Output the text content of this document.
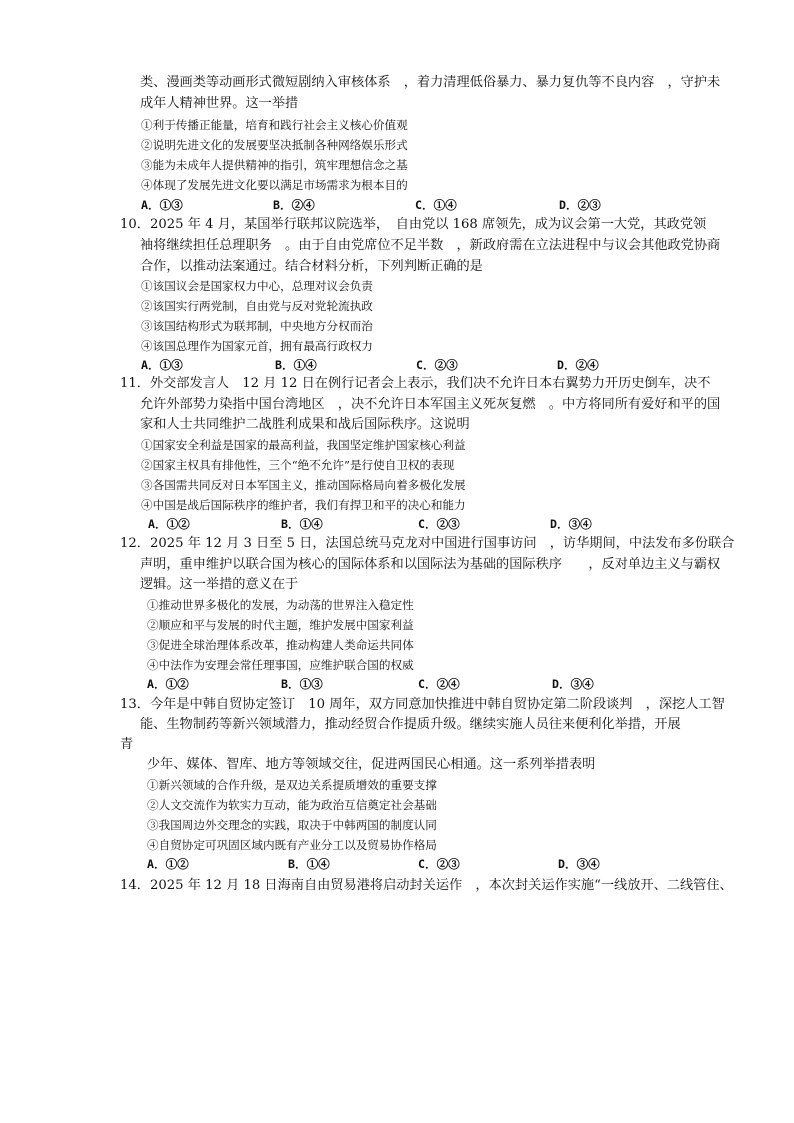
类、漫画类等动画形式微短剧纳入审核体系　，着力清理低俗暴力、暴力复仇等不良内容　，守护未
成年人精神世界。这一举措
①利于传播正能量，培育和践行社会主义核心价值观
②说明先进文化的发展要坚决抵制各种网络娱乐形式
③能为未成年人提供精神的指引，筑牢理想信念之基
④体现了发展先进文化要以满足市场需求为根本目的
A．①③	B．②④	C．①④	D．②③
10．2025 年 4 月，某国举行联邦议院选举，　自由党以 168 席领先，成为议会第一大党，其政党领
袖将继续担任总理职务　。由于自由党席位不足半数　，新政府需在立法进程中与议会其他政党协商
合作，以推动法案通过。结合材料分析，下列判断正确的是
①该国议会是国家权力中心，总理对议会负责
②该国实行两党制，自由党与反对党轮流执政
③该国结构形式为联邦制，中央地方分权而治
④该国总理作为国家元首，拥有最高行政权力
A．①③	B．①④	C．②③	D．②④
11．外交部发言人　12 月 12 日在例行记者会上表示，我们决不允许日本右翼势力开历史倒车，决不
允许外部势力染指中国台湾地区　，决不允许日本军国主义死灰复燃　。中方将同所有爱好和平的国
家和人士共同维护二战胜利成果和战后国际秩序。这说明
①国家安全利益是国家的最高利益，我国坚定维护国家核心利益
②国家主权具有排他性，三个“绝不允许”是行使自卫权的表现
③各国需共同反对日本军国主义，推动国际格局向着多极化发展
④中国是战后国际秩序的维护者，我们有捍卫和平的决心和能力
A．①②	B．①④	C．②③	D．③④
12．2025 年 12 月 3 日至 5 日，法国总统马克龙对中国进行国事访问　，访华期间，中法发布多份联合
声明，重申维护以联合国为核心的国际体系和以国际法为基础的国际秩序　　，反对单边主义与霸权
逻辑。这一举措的意义在于
①推动世界多极化的发展，为动荡的世界注入稳定性
②顺应和平与发展的时代主题，维护发展中国家利益
③促进全球治理体系改革，推动构建人类命运共同体
④中法作为安理会常任理事国，应维护联合国的权威
A．①②	B．①③	C．②④	D．③④
13．今年是中韩自贸协定签订　10 周年，双方同意加快推进中韩自贸协定第二阶段谈判　，深挖人工智
能、生物制药等新兴领域潜力，推动经贸合作提质升级。继续实施人员往来便利化举措，开展
青
少年、媒体、智库、地方等领域交往，促进两国民心相通。这一系列举措表明
①新兴领域的合作升级，是双边关系提质增效的重要支撑
②人文交流作为软实力互动，能为政治互信奠定社会基础
③我国周边外交理念的实践，取决于中韩两国的制度认同
④自贸协定可巩固区域内既有产业分工以及贸易协作格局
A．①②	B．①④	C．②③	D．③④
14．2025 年 12 月 18 日海南自由贸易港将启动封关运作　，本次封关运作实施“一线放开、二线管住、
